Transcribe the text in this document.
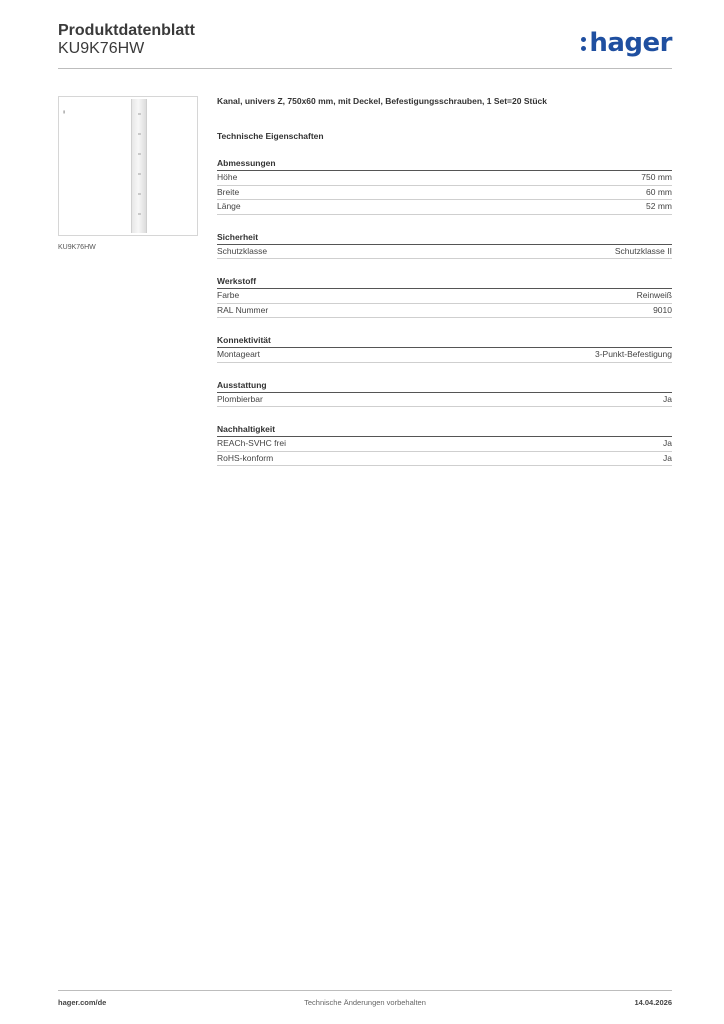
Produktdatenblatt
KU9K76HW	hager
▮
KU9K76HW
Kanal, univers Z, 750x60 mm, mit Deckel, Befestigungsschrauben, 1 Set=20 Stück
Technische Eigenschaften
Abmessungen
Höhe	750 mm
Breite	60 mm
Länge	52 mm
Sicherheit
Schutzklasse	Schutzklasse II
Werkstoff
Farbe	Reinweiß
RAL Nummer	9010
Konnektivität
Montageart	3-Punkt-Befestigung
Ausstattung
Plombierbar	Ja
Nachhaltigkeit
REACh-SVHC frei	Ja
RoHS-konform	Ja
hager.com/de	Technische Änderungen vorbehalten	14.04.2026
